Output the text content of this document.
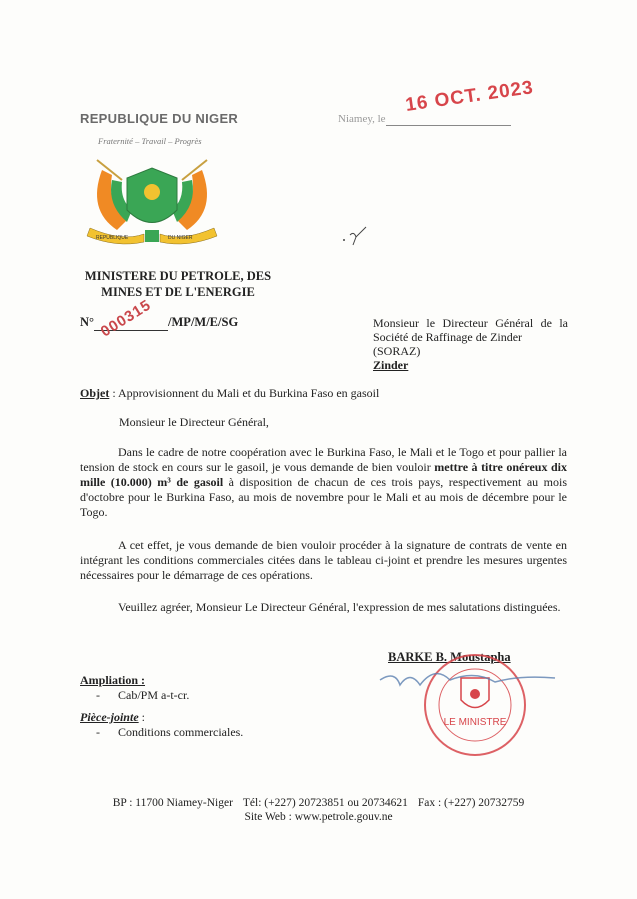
REPUBLIQUE DU NIGER
Fraternité – Travail – Progrès
REPUBLIQUE	DU NIGER
Niamey, le
16 OCT. 2023
MINISTERE DU PETROLE, DES
MINES ET DE L'ENERGIE
N°	/MP/M/E/SG
000315	Monsieur le Directeur Général de la Société de Raffinage de Zinder
(SORAZ)
Zinder
Objet : Approvisionnent du Mali et du Burkina Faso en gasoil
Monsieur le Directeur Général,

Dans le cadre de notre coopération avec le Burkina Faso, le Mali et le Togo et pour pallier la tension de stock en cours sur le gasoil, je vous demande de bien vouloir mettre à titre onéreux dix mille (10.000) m³ de gasoil à disposition de chacun de ces trois pays, respectivement au mois d'octobre pour le Burkina Faso, au mois de novembre pour le Mali et au mois de décembre pour le Togo.

A cet effet, je vous demande de bien vouloir procéder à la signature de contrats de vente en intégrant les conditions commerciales citées dans le tableau ci-joint et prendre les mesures urgentes nécessaires pour le démarrage de ces opérations.

Veuillez agréer, Monsieur Le Directeur Général, l'expression de mes salutations distinguées.

BARKE B. Moustapha
LE MINISTRE
Ampliation :
- Cab/PM a-t-cr.
Pièce-jointe :
- Conditions commerciales.
BP : 11700 Niamey-Niger Tél: (+227) 20723851 ou 20734621 Fax : (+227) 20732759
Site Web : www.petrole.gouv.ne
